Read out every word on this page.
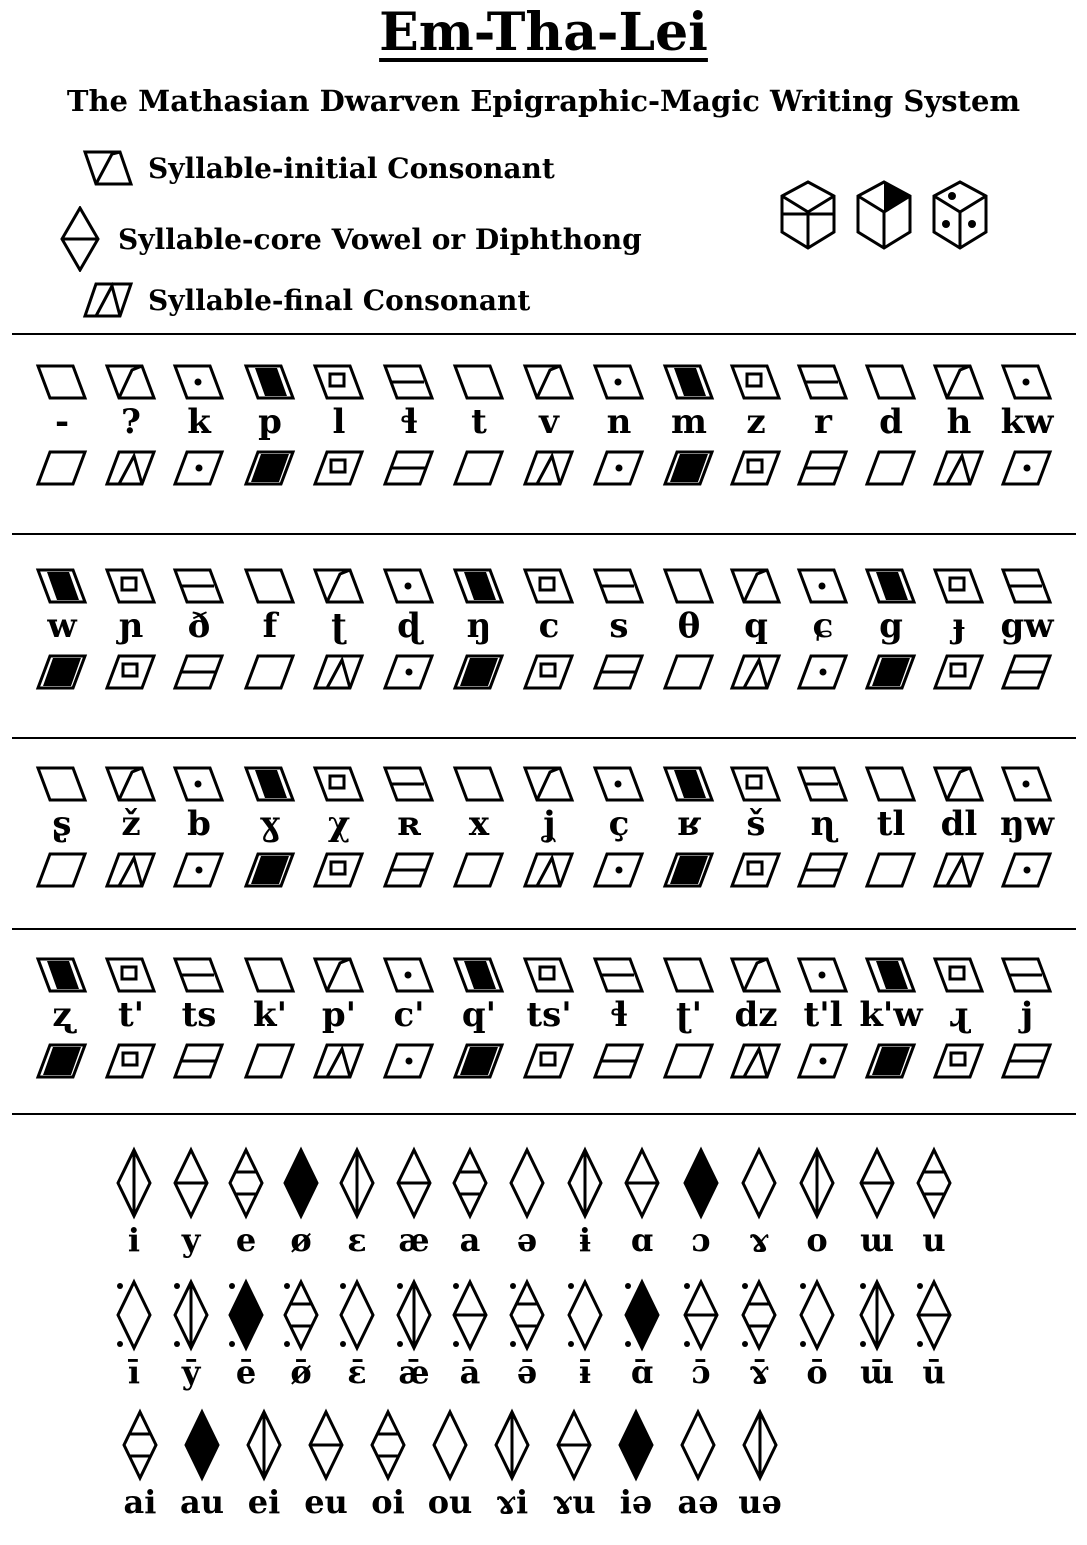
Em-Tha-Lei
The Mathasian Dwarven Epigraphic-Magic Writing System
Syllable-initial Consonant
Syllable-core Vowel or Diphthong
Syllable-final Consonant
-	?	k	p	l	ɬ	t	v	n	m	z	r	d	h kw
w	ɲ	ð	f	ʈ	ɖ	ŋ	c	s	θ	q	ɕ	g	ɟ	gw
ʂ	ž	b	ɣ	χ	ʀ	x	ʝ	ç	ʁ	š	ɳ	tl	dl ŋw
ʐ	t'	ts	k'	p'	c'	q' ts'	ɬ	ʈ' dz t'l k'w ɻ	j
i	y	e	ø	ɛ æ a	ə	ɨ	ɑ	ɔ	ɤ	o	ɯ u
ī	ȳ	ē	ø̄	ɛ̄ ǣ ā	ə̄	ɨ̄	ɑ̄	ɔ̄	ɤ̄	ō	ɯ̄ ū
ai au ei eu oi ou ɤi ɤu iə aə uə
